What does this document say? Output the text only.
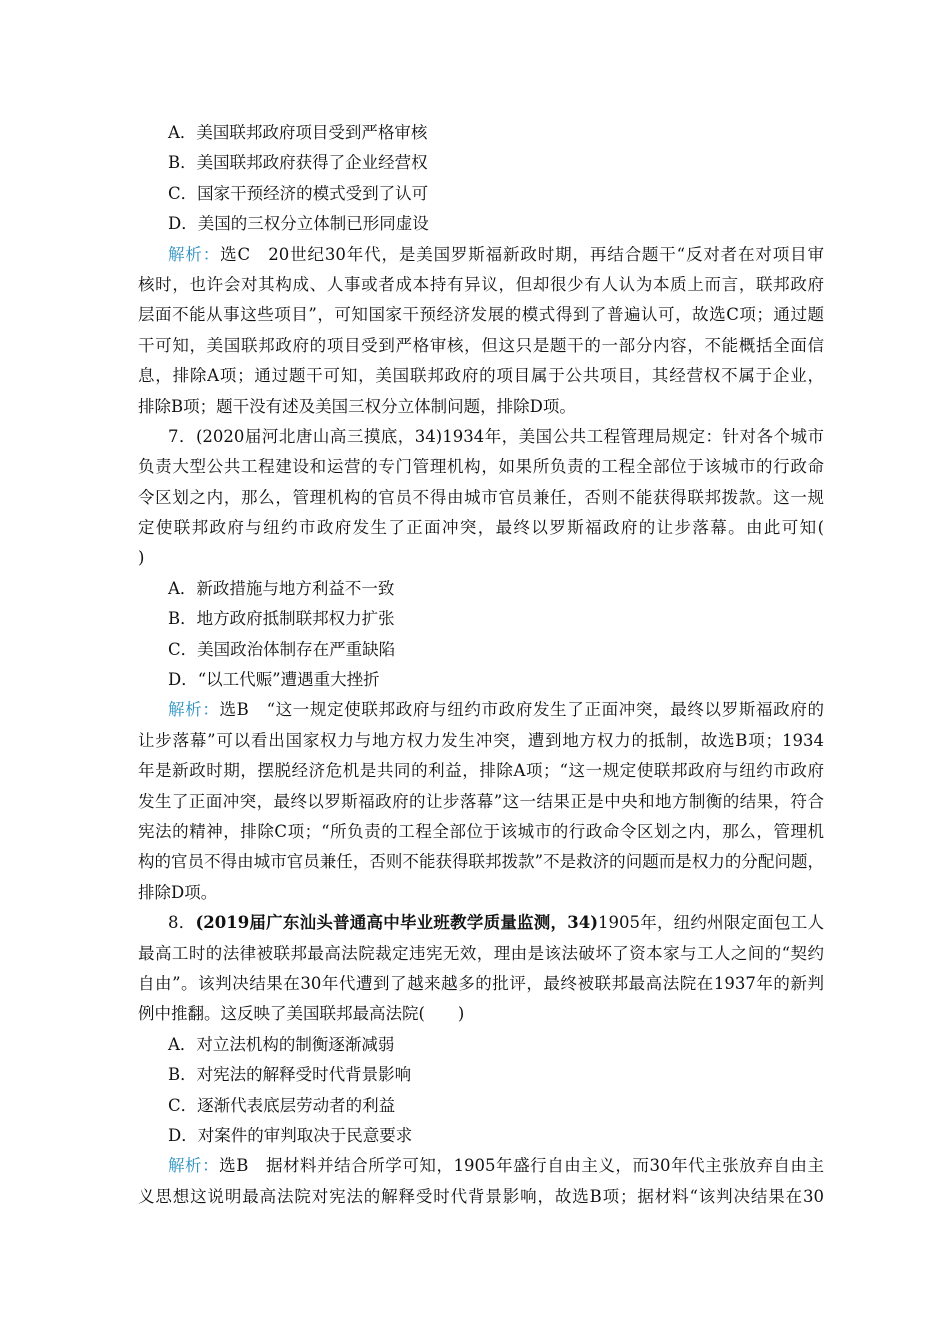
A．美国联邦政府项目受到严格审核
B．美国联邦政府获得了企业经营权
C．国家干预经济的模式受到了认可
D．美国的三权分立体制已形同虚设
解析：选C　20世纪30年代，是美国罗斯福新政时期，再结合题干“反对者在对项目审
核时，也许会对其构成、人事或者成本持有异议，但却很少有人认为本质上而言，联邦政府
层面不能从事这些项目”，可知国家干预经济发展的模式得到了普遍认可，故选C项；通过题
干可知，美国联邦政府的项目受到严格审核，但这只是题干的一部分内容，不能概括全面信
息，排除A项；通过题干可知，美国联邦政府的项目属于公共项目，其经营权不属于企业，
排除B项；题干没有述及美国三权分立体制问题，排除D项。
7．(2020届河北唐山高三摸底，34)1934年，美国公共工程管理局规定：针对各个城市
负责大型公共工程建设和运营的专门管理机构，如果所负责的工程全部位于该城市的行政命
令区划之内，那么，管理机构的官员不得由城市官员兼任，否则不能获得联邦拨款。这一规
定使联邦政府与纽约市政府发生了正面冲突，最终以罗斯福政府的让步落幕。由此可知(
)
A．新政措施与地方利益不一致
B．地方政府抵制联邦权力扩张
C．美国政治体制存在严重缺陷
D．“以工代赈”遭遇重大挫折
解析：选B　“这一规定使联邦政府与纽约市政府发生了正面冲突，最终以罗斯福政府的
让步落幕”可以看出国家权力与地方权力发生冲突，遭到地方权力的抵制，故选B项；1934
年是新政时期，摆脱经济危机是共同的利益，排除A项；“这一规定使联邦政府与纽约市政府
发生了正面冲突，最终以罗斯福政府的让步落幕”这一结果正是中央和地方制衡的结果，符合
宪法的精神，排除C项；“所负责的工程全部位于该城市的行政命令区划之内，那么，管理机
构的官员不得由城市官员兼任，否则不能获得联邦拨款”不是救济的问题而是权力的分配问题，
排除D项。
8．(2019届广东汕头普通高中毕业班教学质量监测，34)1905年，纽约州限定面包工人
最高工时的法律被联邦最高法院裁定违宪无效，理由是该法破坏了资本家与工人之间的“契约
自由”。该判决结果在30年代遭到了越来越多的批评，最终被联邦最高法院在1937年的新判
例中推翻。这反映了美国联邦最高法院(　　)
A．对立法机构的制衡逐渐减弱
B．对宪法的解释受时代背景影响
C．逐渐代表底层劳动者的利益
D．对案件的审判取决于民意要求
解析：选B　据材料并结合所学可知，1905年盛行自由主义，而30年代主张放弃自由主
义思想这说明最高法院对宪法的解释受时代背景影响，故选B项；据材料“该判决结果在30
